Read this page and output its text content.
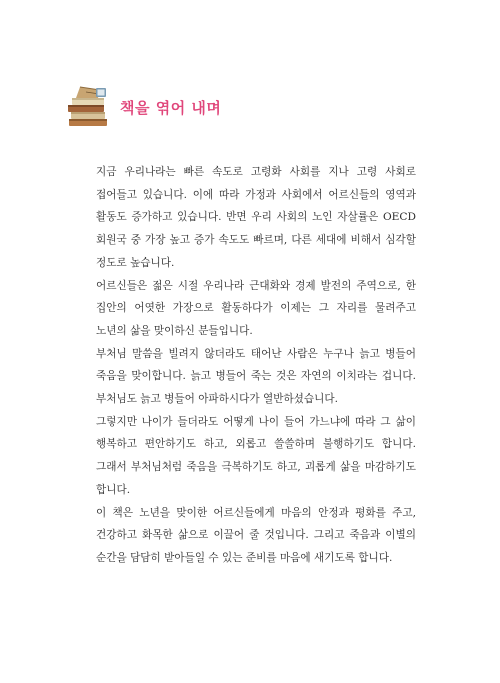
책을 엮어 내며

지금 우리나라는 빠른 속도로 고령화 사회를 지나 고령 사회로 접어들고 있습니다. 이에 따라 가정과 사회에서 어르신들의 영역과 활동도 증가하고 있습니다. 반면 우리 사회의 노인 자살률은 OECD 회원국 중 가장 높고 증가 속도도 빠르며, 다른 세대에 비해서 심각할 정도로 높습니다.

어르신들은 젊은 시절 우리나라 근대화와 경제 발전의 주역으로, 한 집안의 어엿한 가장으로 활동하다가 이제는 그 자리를 물려주고 노년의 삶을 맞이하신 분들입니다.

부처님 말씀을 빌려지 않더라도 태어난 사람은 누구나 늙고 병들어 죽음을 맞이합니다. 늙고 병들어 죽는 것은 자연의 이치라는 겁니다. 부처님도 늙고 병들어 아파하시다가 열반하셨습니다.

그렇지만 나이가 들더라도 어떻게 나이 들어 가느냐에 따라 그 삶이 행복하고 편안하기도 하고, 외롭고 쓸쓸하며 불행하기도 합니다. 그래서 부처님처럼 죽음을 극복하기도 하고, 괴롭게 삶을 마감하기도 합니다.

이 책은 노년을 맞이한 어르신들에게 마음의 안정과 평화를 주고, 건강하고 화목한 삶으로 이끌어 줄 것입니다. 그리고 죽음과 이별의 순간을 담담히 받아들일 수 있는 준비를 마음에 새기도록 합니다.
